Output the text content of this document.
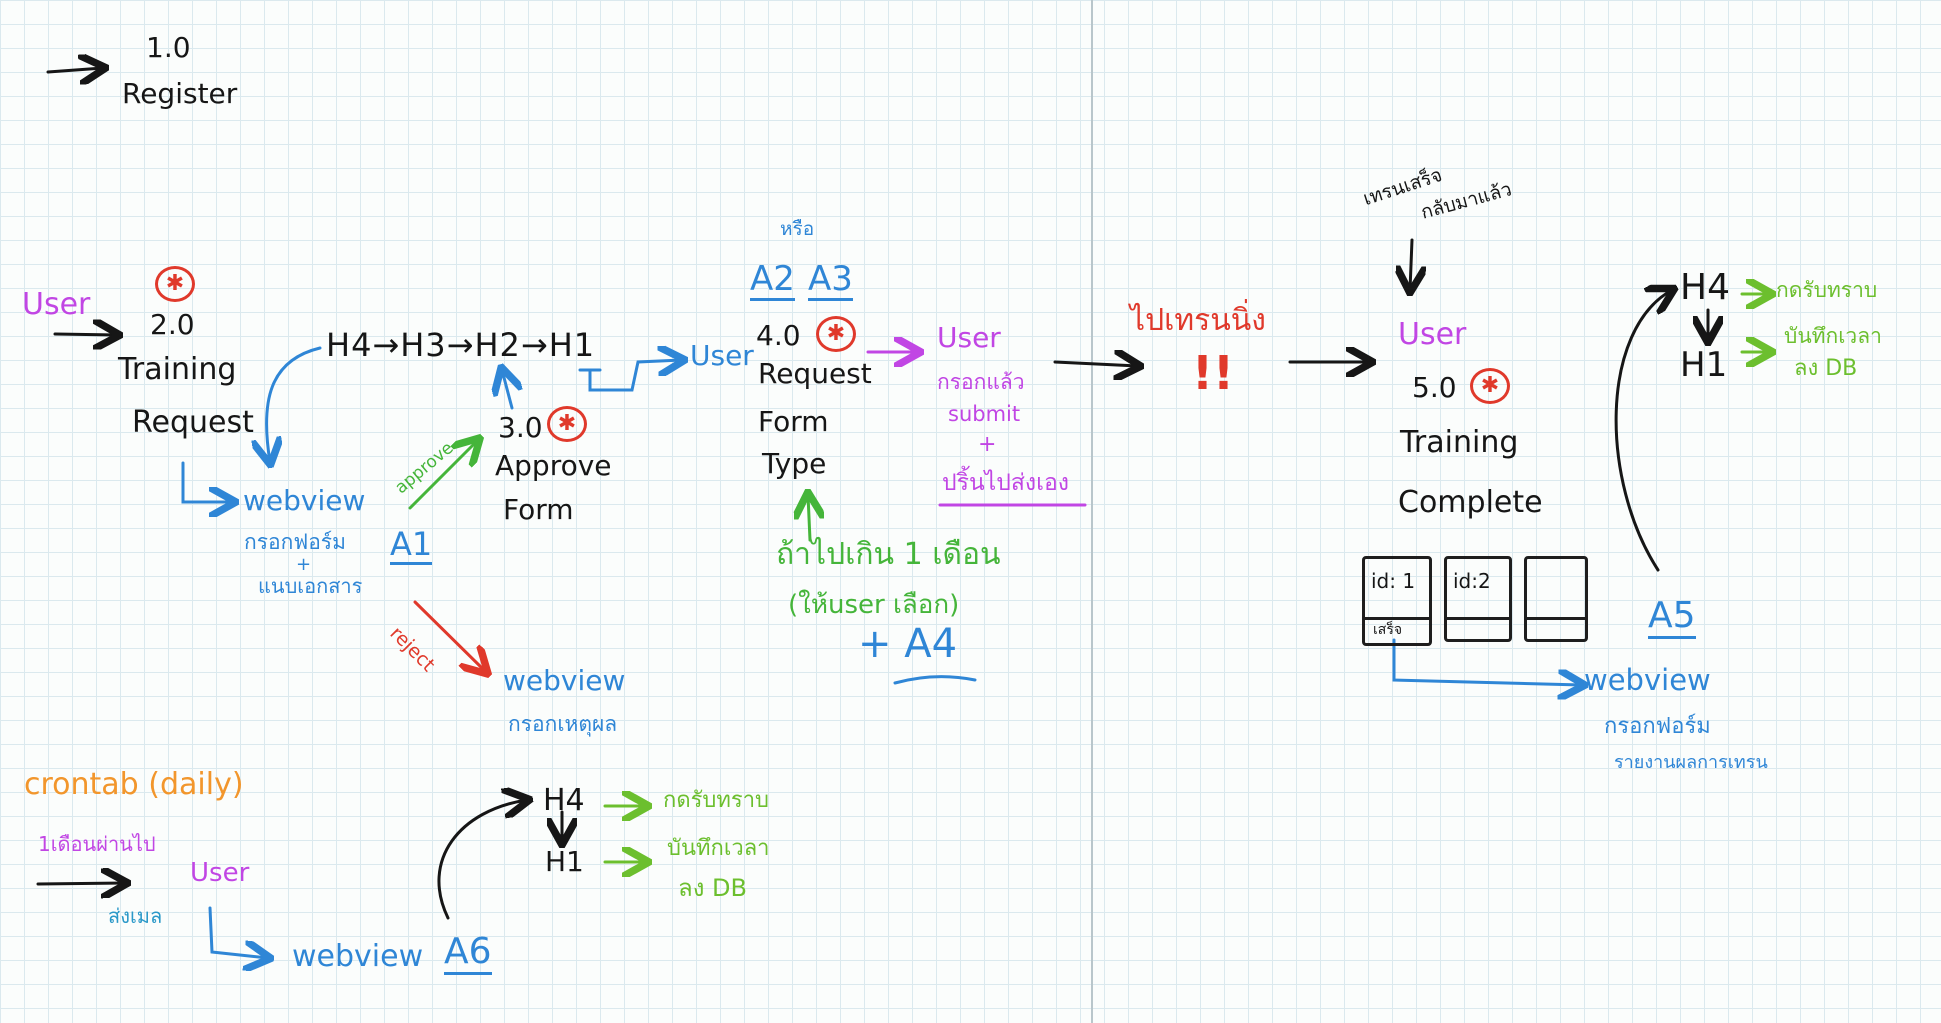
1.0
Register
User
✱
2.0
Training
Request
H4→H3→H2→H1
webview
กรอกฟอร์ม
+
แนบเอกสาร
A1
approve
reject
3.0 ✱
Approve
Form
webview
กรอกเหตุผล
หรือ
A2 A3
User
4.0	✱
Request
Form
Type
ถ้าไปเกิน 1 เดือน
(ให้user เลือก)
+ A4
User
กรอกแล้ว
submit
+
ปริ้นไปส่งเอง
ไปเทรนนิ่ง
!!
เทรนเสร็จ
กลับมาแล้ว
User
5.0	✱
Training
Complete
id: 1
เสร็จ
id:2
A5
webview
กรอกฟอร์ม
รายงานผลการเทรน
H4
H1
กดรับทราบ
บันทึกเวลา
ลง DB
crontab (daily)
1เดือนผ่านไป
ส่งเมล
User
webview A6
H4
H1
กดรับทราบ
บันทึกเวลา
ลง DB
